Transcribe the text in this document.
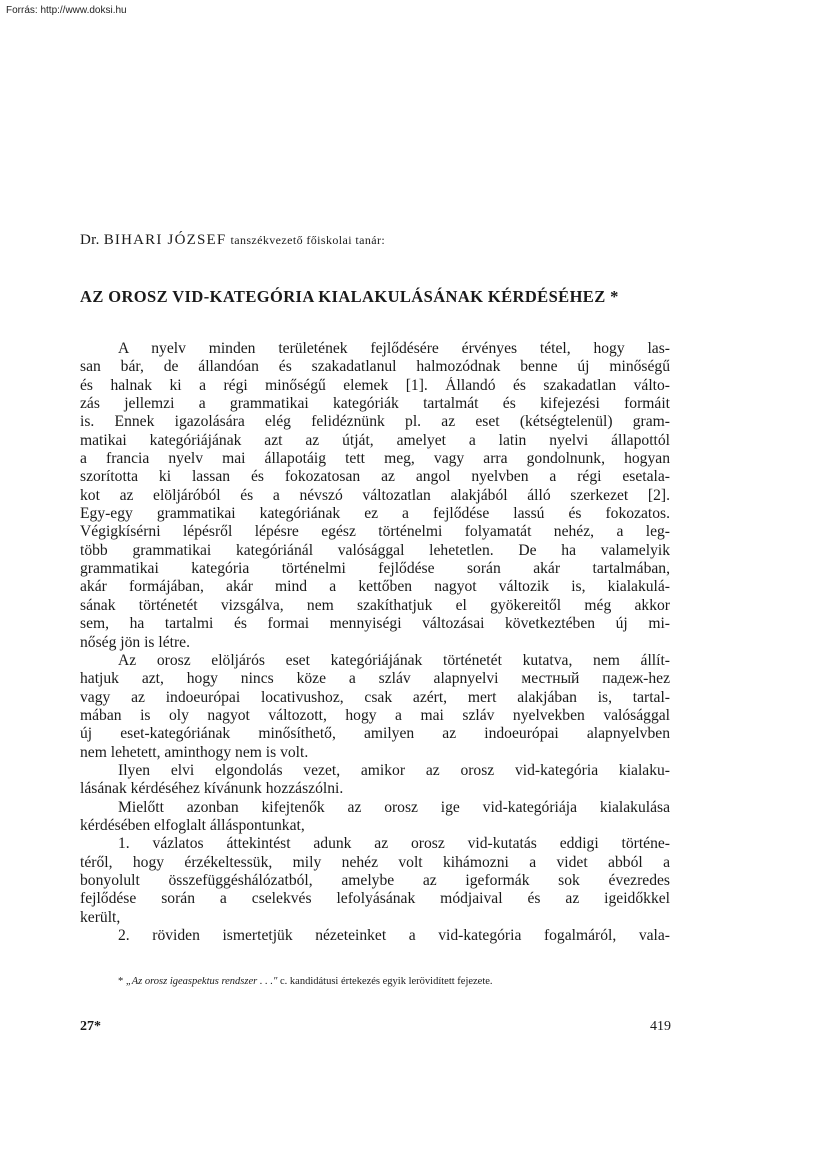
Forrás: http://www.doksi.hu
Dr. BIHARI JÓZSEF tanszékvezető főiskolai tanár:
AZ OROSZ VID-KATEGÓRIA KIALAKULÁSÁNAK KÉRDÉSÉHEZ *
A nyelv minden területének fejlődésére érvényes tétel, hogy las-
san bár, de állandóan és szakadatlanul halmozódnak benne új minőségű
és halnak ki a régi minőségű elemek [1]. Állandó és szakadatlan válto-
zás jellemzi a grammatikai kategóriák tartalmát és kifejezési formáit
is. Ennek igazolására elég felidéznünk pl. az eset (kétségtelenül) gram-
matikai kategóriájának azt az útját, amelyet a latin nyelvi állapottól
a francia nyelv mai állapotáig tett meg, vagy arra gondolnunk, hogyan
szorította ki lassan és fokozatosan az angol nyelvben a régi esetala-
kot az elöljáróból és a névszó változatlan alakjából álló szerkezet [2].
Egy-egy grammatikai kategóriának ez a fejlődése lassú és fokozatos.
Végigkísérni lépésről lépésre egész történelmi folyamatát nehéz, a leg-
több grammatikai kategóriánál valósággal lehetetlen. De ha valamelyik
grammatikai kategória történelmi fejlődése során akár tartalmában,
akár formájában, akár mind a kettőben nagyot változik is, kialakulá-
sának történetét vizsgálva, nem szakíthatjuk el gyökereitől még akkor
sem, ha tartalmi és formai mennyiségi változásai következtében új mi-
nőség jön is létre.
Az orosz elöljárós eset kategóriájának történetét kutatva, nem állít-
hatjuk azt, hogy nincs köze a szláv alapnyelvi местный падеж-hez
vagy az indoeurópai locativushoz, csak azért, mert alakjában is, tartal-
mában is oly nagyot változott, hogy a mai szláv nyelvekben valósággal
új eset-kategóriának minősíthető, amilyen az indoeurópai alapnyelvben
nem lehetett, aminthogy nem is volt.
Ilyen elvi elgondolás vezet, amikor az orosz vid-kategória kialaku-
lásának kérdéséhez kívánunk hozzászólni.
Mielőtt azonban kifejtenők az orosz ige vid-kategóriája kialakulása
kérdésében elfoglalt álláspontunkat,
1. vázlatos áttekintést adunk az orosz vid-kutatás eddigi történe-
téről, hogy érzékeltessük, mily nehéz volt kihámozni a videt abból a
bonyolult összefüggéshálózatból, amelybe az igeformák sok évezredes
fejlődése során a cselekvés lefolyásának módjaival és az igeidőkkel
került,
2. röviden ismertetjük nézeteinket a vid-kategória fogalmáról, vala-
* „Az orosz igeaspektus rendszer . . ." c. kandidátusi értekezés egyik lerövidített fejezete.
27*	419
